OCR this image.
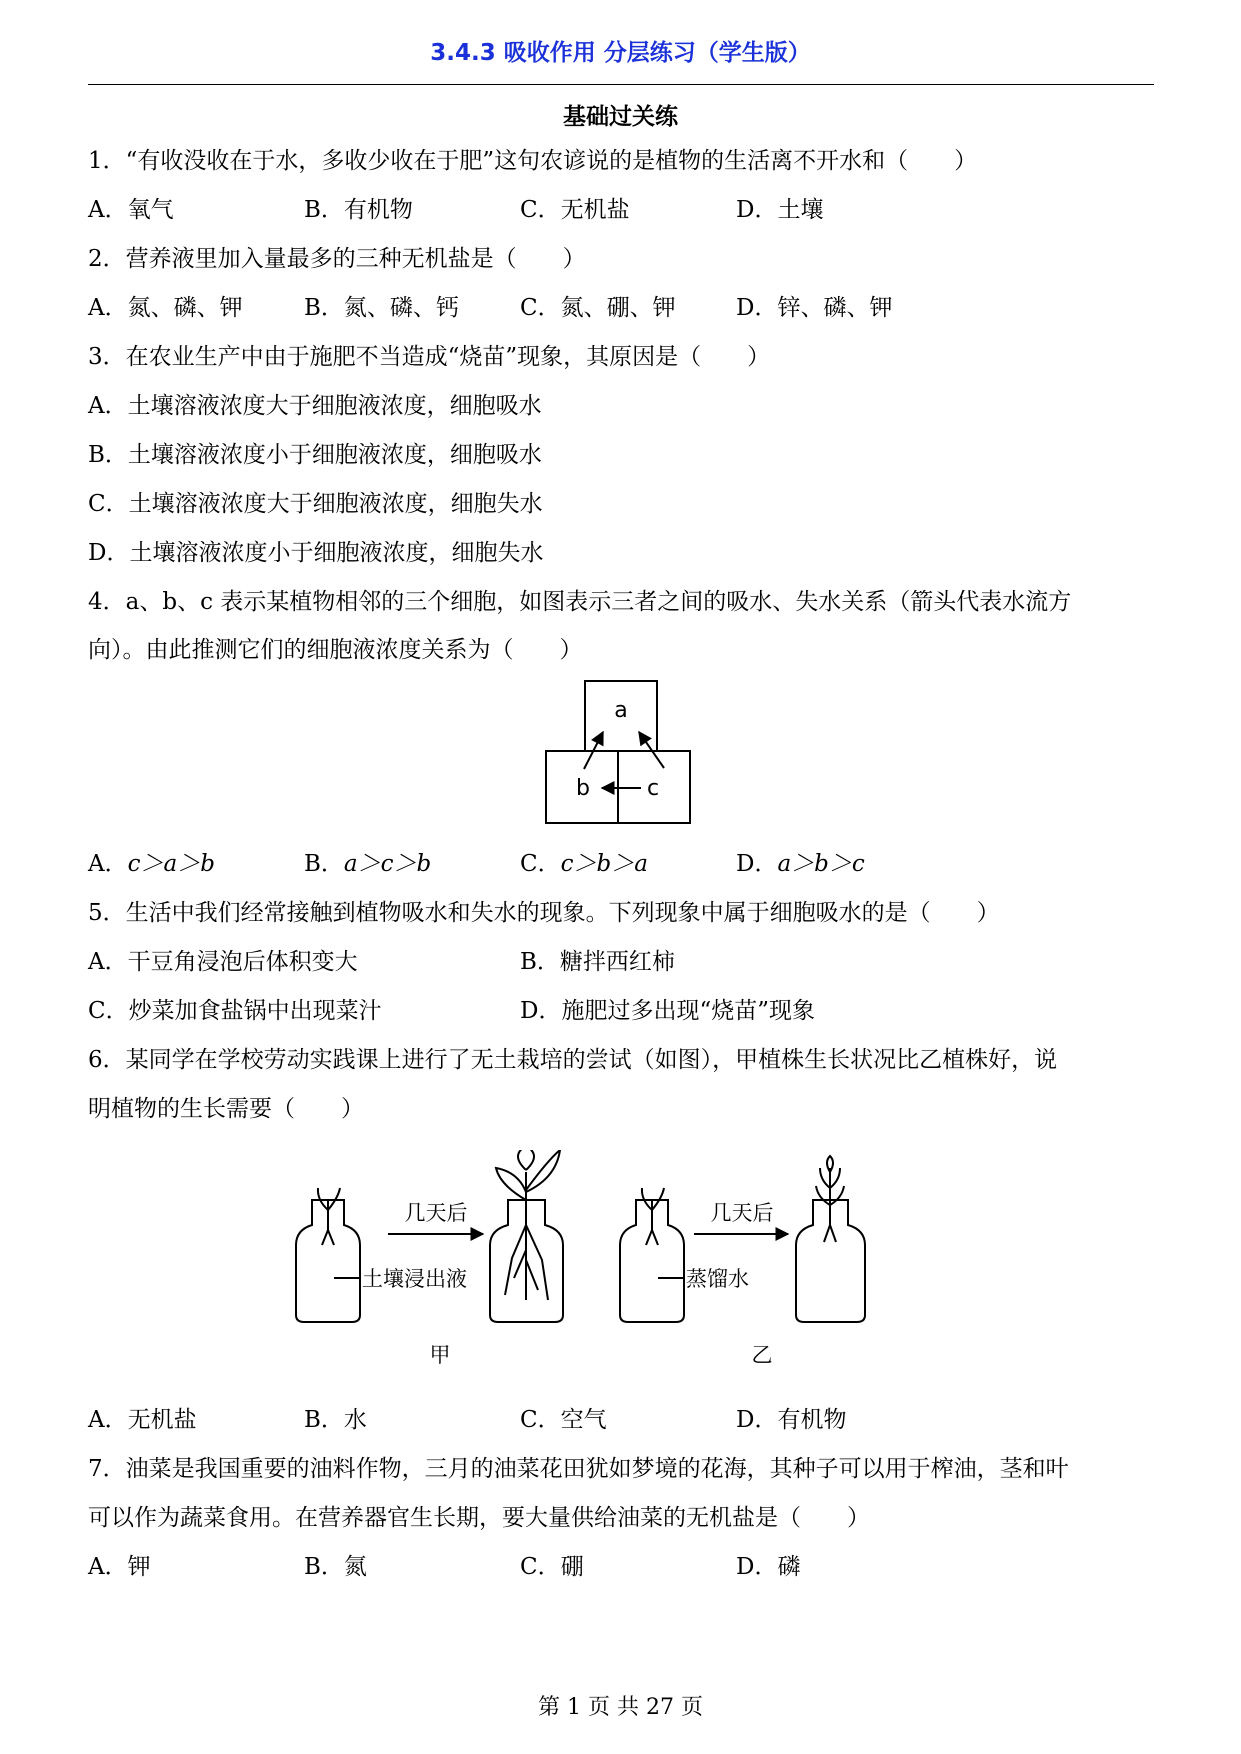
3.4.3 吸收作用 分层练习（学生版）
基础过关练
1．“有收没收在于水，多收少收在于肥”这句农谚说的是植物的生活离不开水和（　　）
A．氧气	B．有机物	C．无机盐	D．土壤
2．营养液里加入量最多的三种无机盐是（　　）
A．氮、磷、钾	B．氮、磷、钙	C．氮、硼、钾	D．锌、磷、钾
3．在农业生产中由于施肥不当造成“烧苗”现象，其原因是（　　）
A．土壤溶液浓度大于细胞液浓度，细胞吸水
B．土壤溶液浓度小于细胞液浓度，细胞吸水
C．土壤溶液浓度大于细胞液浓度，细胞失水
D．土壤溶液浓度小于细胞液浓度，细胞失水
4．a、b、c 表示某植物相邻的三个细胞，如图表示三者之间的吸水、失水关系（箭头代表水流方
向）。由此推测它们的细胞液浓度关系为（　　）
a
b	c
A．c＞a＞b	B．a＞c＞b	C．c＞b＞a	D．a＞b＞c
5．生活中我们经常接触到植物吸水和失水的现象。下列现象中属于细胞吸水的是（　　）
A．干豆角浸泡后体积变大	B．糖拌西红柿
C．炒菜加食盐锅中出现菜汁	D．施肥过多出现“烧苗”现象
6．某同学在学校劳动实践课上进行了无土栽培的尝试（如图），甲植株生长状况比乙植株好，说
明植物的生长需要（　　）
几天后
土壤浸出液
甲
几天后
蒸馏水
乙
A．无机盐	B．水	C．空气	D．有机物
7．油菜是我国重要的油料作物，三月的油菜花田犹如梦境的花海，其种子可以用于榨油，茎和叶
可以作为蔬菜食用。在营养器官生长期，要大量供给油菜的无机盐是（　　）
A．钾	B．氮	C．硼	D．磷
第 1 页 共 27 页
